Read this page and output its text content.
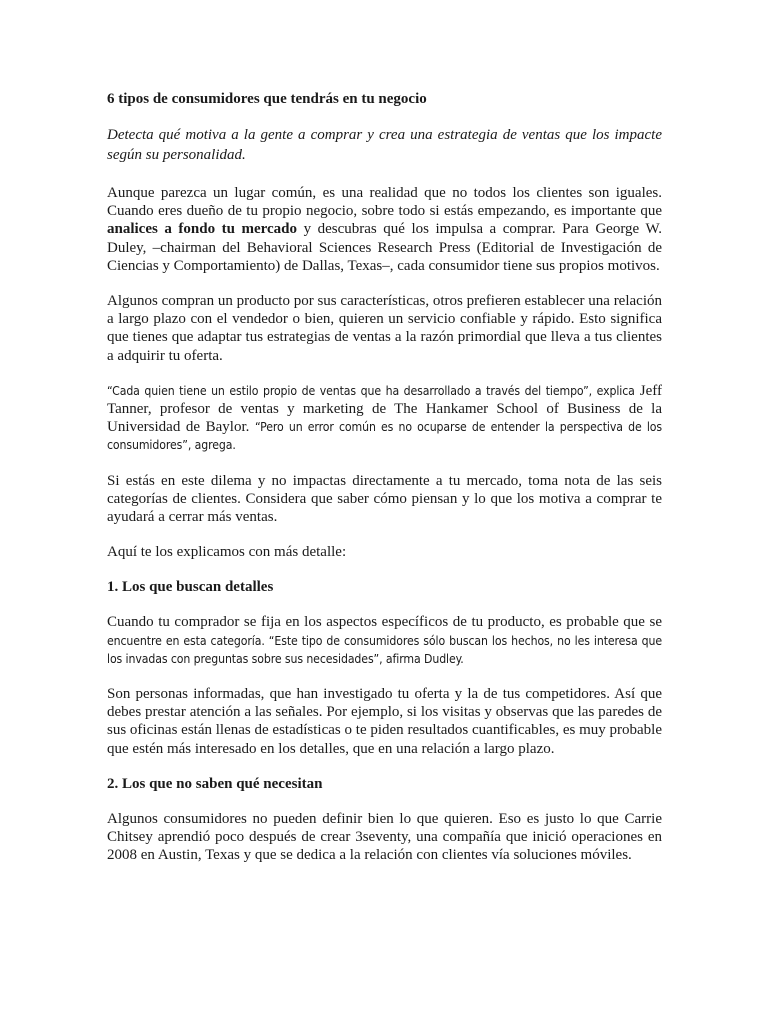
6 tipos de consumidores que tendrás en tu negocio

Detecta qué motiva a la gente a comprar y crea una estrategia de ventas que los impacte según su personalidad.

Aunque parezca un lugar común, es una realidad que no todos los clientes son iguales. Cuando eres dueño de tu propio negocio, sobre todo si estás empezando, es importante que analices a fondo tu mercado y descubras qué los impulsa a comprar. Para George W. Duley, –chairman del Behavioral Sciences Research Press (Editorial de Investigación de Ciencias y Comportamiento) de Dallas, Texas–, cada consumidor tiene sus propios motivos.

Algunos compran un producto por sus características, otros prefieren establecer una relación a largo plazo con el vendedor o bien, quieren un servicio confiable y rápido. Esto significa que tienes que adaptar tus estrategias de ventas a la razón primordial que lleva a tus clientes a adquirir tu oferta.

“Cada quien tiene un estilo propio de ventas que ha desarrollado a través del tiempo”, explica Jeff Tanner, profesor de ventas y marketing de The Hankamer School of Business de la Universidad de Baylor. “Pero un error común es no ocuparse de entender la perspectiva de los consumidores”, agrega.

Si estás en este dilema y no impactas directamente a tu mercado, toma nota de las seis categorías de clientes. Considera que saber cómo piensan y lo que los motiva a comprar te ayudará a cerrar más ventas.

Aquí te los explicamos con más detalle:

1. Los que buscan detalles

Cuando tu comprador se fija en los aspectos específicos de tu producto, es probable que se encuentre en esta categoría. “Este tipo de consumidores sólo buscan los hechos, no les interesa que los invadas con preguntas sobre sus necesidades”, afirma Dudley.

Son personas informadas, que han investigado tu oferta y la de tus competidores. Así que debes prestar atención a las señales. Por ejemplo, si los visitas y observas que las paredes de sus oficinas están llenas de estadísticas o te piden resultados cuantificables, es muy probable que estén más interesado en los detalles, que en una relación a largo plazo.

2. Los que no saben qué necesitan

Algunos consumidores no pueden definir bien lo que quieren. Eso es justo lo que Carrie Chitsey aprendió poco después de crear 3seventy, una compañía que inició operaciones en 2008 en Austin, Texas y que se dedica a la relación con clientes vía soluciones móviles.
